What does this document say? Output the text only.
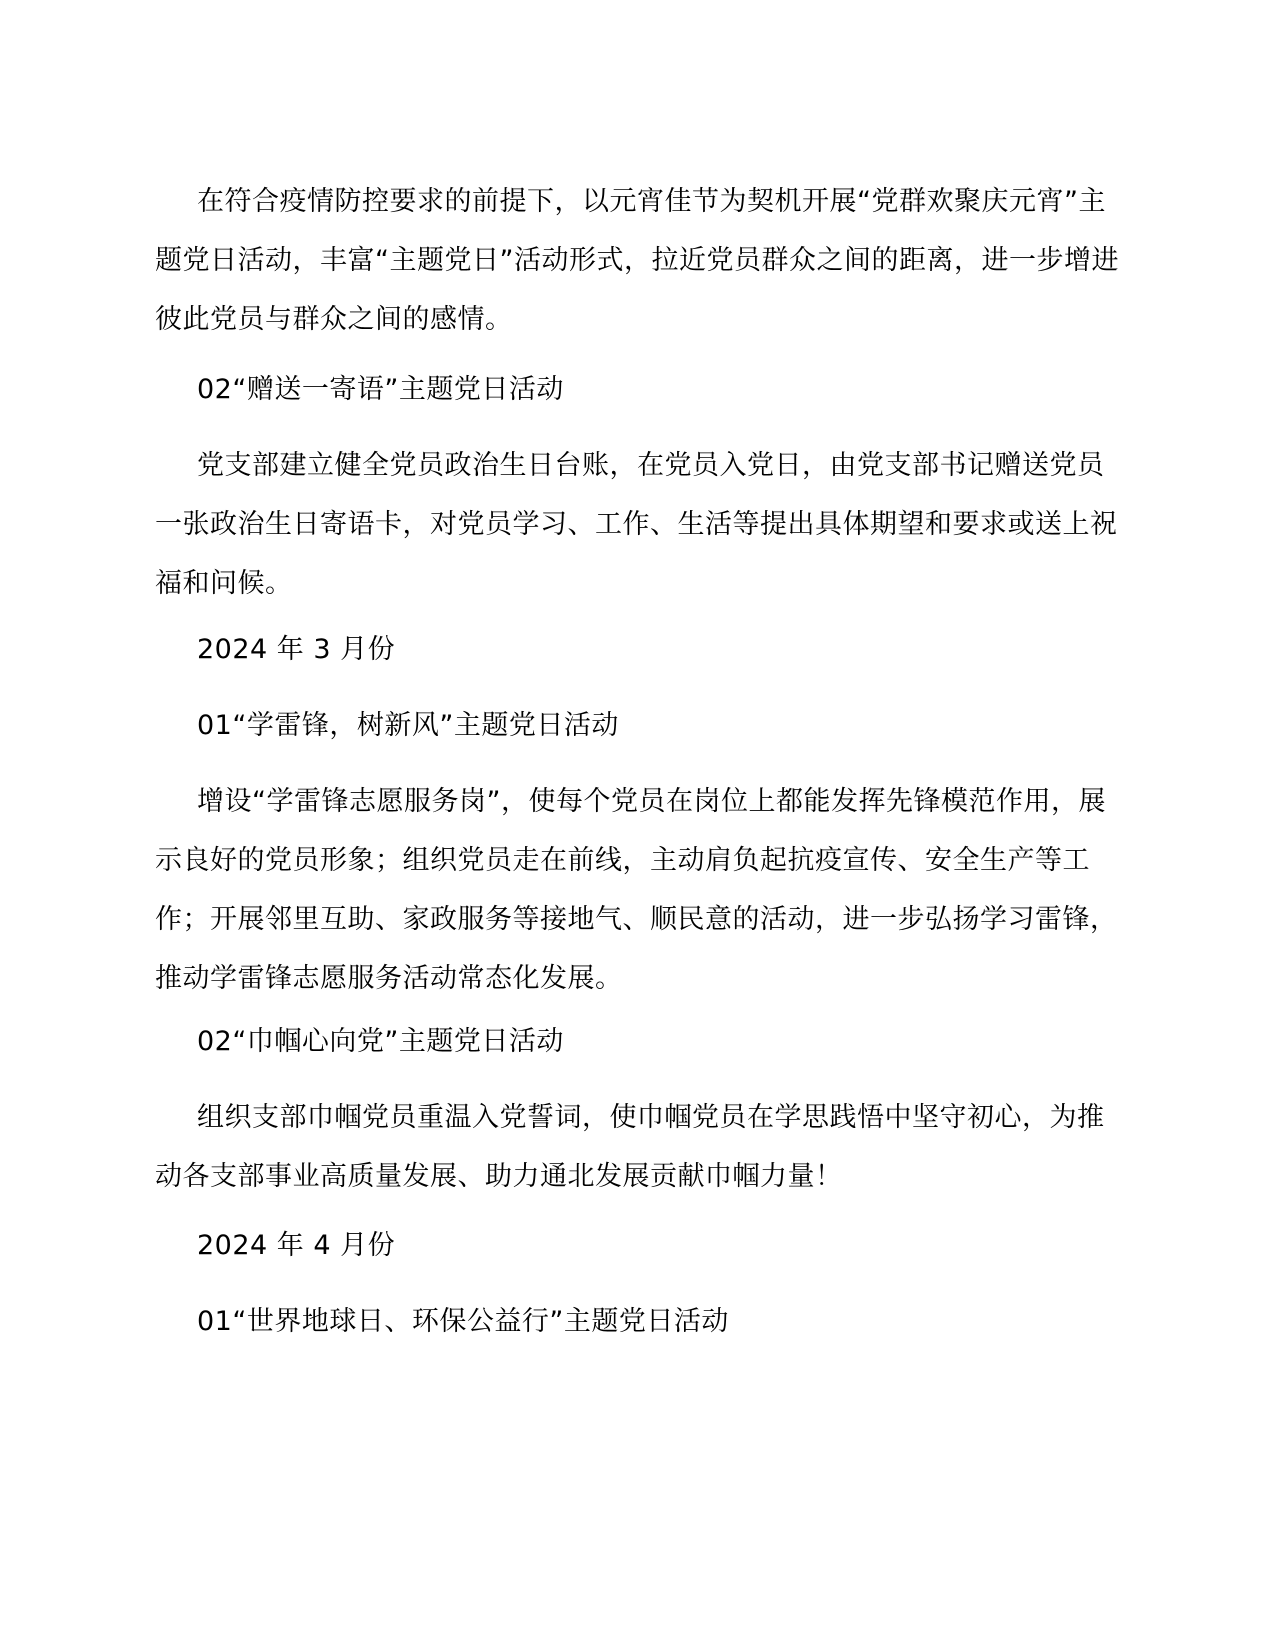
在符合疫情防控要求的前提下，以元宵佳节为契机开展“党群欢聚庆元宵”主题党日活动，丰富“主题党日”活动形式，拉近党员群众之间的距离，进一步增进彼此党员与群众之间的感情。

02“赠送一寄语”主题党日活动

党支部建立健全党员政治生日台账，在党员入党日，由党支部书记赠送党员一张政治生日寄语卡，对党员学习、工作、生活等提出具体期望和要求或送上祝福和问候。

2024 年 3 月份

01“学雷锋，树新风”主题党日活动

增设“学雷锋志愿服务岗”，使每个党员在岗位上都能发挥先锋模范作用，展示良好的党员形象；组织党员走在前线，主动肩负起抗疫宣传、安全生产等工作；开展邻里互助、家政服务等接地气、顺民意的活动，进一步弘扬学习雷锋，推动学雷锋志愿服务活动常态化发展。

02“巾帼心向党”主题党日活动

组织支部巾帼党员重温入党誓词，使巾帼党员在学思践悟中坚守初心，为推动各支部事业高质量发展、助力通北发展贡献巾帼力量！

2024 年 4 月份

01“世界地球日、环保公益行”主题党日活动
